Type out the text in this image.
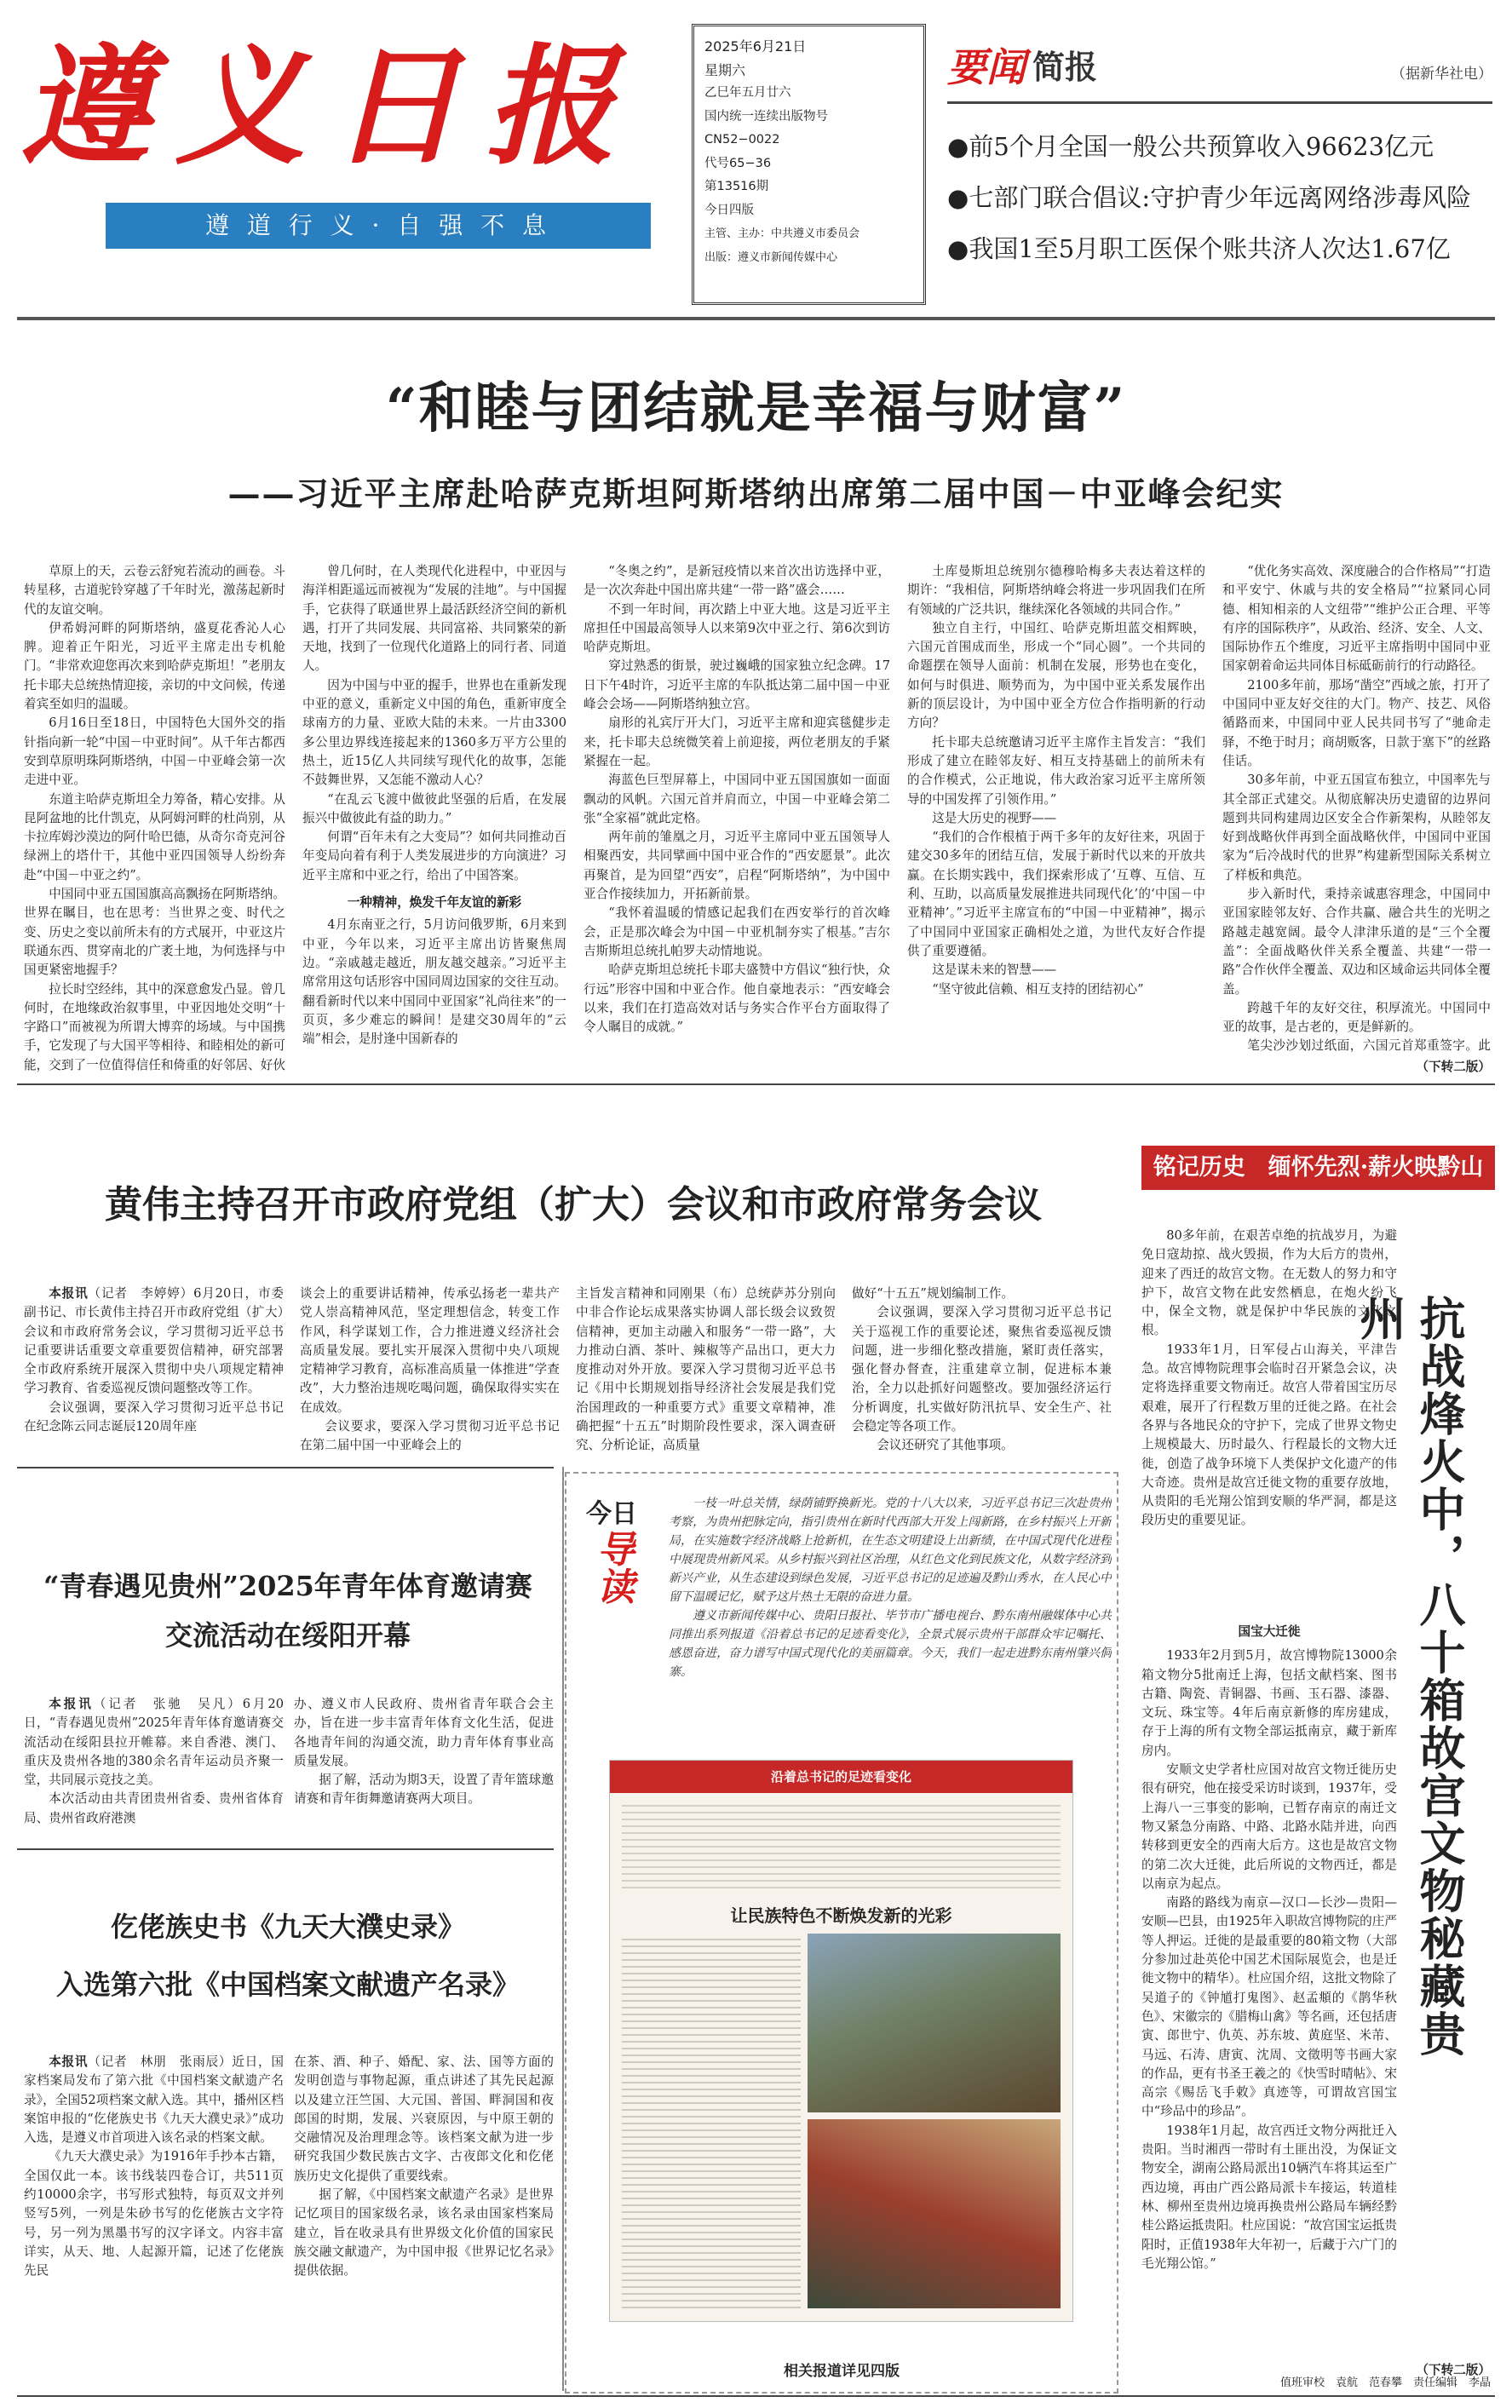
遵义日报
遵 道 行 义 · 自 强 不 息
2025年6月21日
星期六
乙巳年五月廿六
国内统一连续出版物号
CN52−0022
代号65−36
第13516期
今日四版
主管、主办：中共遵义市委员会
出版：遵义市新闻传媒中心
要闻 简报	（据新华社电）
●前5个月全国一般公共预算收入96623亿元
●七部门联合倡议:守护青少年远离网络涉毒风险
●我国1至5月职工医保个账共济人次达1.67亿
“和睦与团结就是幸福与财富”
——习近平主席赴哈萨克斯坦阿斯塔纳出席第二届中国－中亚峰会纪实

草原上的天，云卷云舒宛若流动的画卷。斗转星移，古道驼铃穿越了千年时光，激荡起新时代的友谊交响。

伊希姆河畔的阿斯塔纳，盛夏花香沁人心脾。迎着正午阳光，习近平主席走出专机舱门。“非常欢迎您再次来到哈萨克斯坦！”老朋友托卡耶夫总统热情迎接，亲切的中文问候，传递着宾至如归的温暖。

6月16日至18日，中国特色大国外交的指针指向新一轮“中国－中亚时间”。从千年古都西安到草原明珠阿斯塔纳，中国－中亚峰会第一次走进中亚。

东道主哈萨克斯坦全力筹备，精心安排。从昆阿盆地的比什凯克，从阿姆河畔的杜尚别，从卡拉库姆沙漠边的阿什哈巴德，从奇尔奇克河谷绿洲上的塔什干，其他中亚四国领导人纷纷奔赴“中国－中亚之约”。

中国同中亚五国国旗高高飘扬在阿斯塔纳。世界在瞩目，也在思考：当世界之变、时代之变、历史之变以前所未有的方式展开，中亚这片联通东西、贯穿南北的广袤土地，为何选择与中国更紧密地握手？

拉长时空经纬，其中的深意愈发凸显。曾几何时，在地缘政治叙事里，中亚因地处交明“十字路口”而被视为所谓大博弈的场域。与中国携手，它发现了与大国平等相待、和睦相处的新可能，交到了一位值得信任和倚重的好邻居、好伙

曾几何时，在人类现代化进程中，中亚因与海洋相距遥远而被视为“发展的洼地”。与中国握手，它获得了联通世界上最活跃经济空间的新机遇，打开了共同发展、共同富裕、共同繁荣的新天地，找到了一位现代化道路上的同行者、同道人。

因为中国与中亚的握手，世界也在重新发现中亚的意义，重新定义中国的角色，重新审度全球南方的力量、亚欧大陆的未来。一片由3300多公里边界线连接起来的1360多万平方公里的热土，近15亿人共同续写现代化的故事，怎能不鼓舞世界，又怎能不激动人心？

“在乱云飞渡中做彼此坚强的后盾，在发展振兴中做彼此有益的助力。”

何谓“百年未有之大变局”？如何共同推动百年变局向着有利于人类发展进步的方向演进？习近平主席和中亚之行，给出了中国答案。

一种精神，焕发千年友谊的新彩

4月东南亚之行，5月访问俄罗斯，6月来到中亚，今年以来，习近平主席出访皆聚焦周边。“亲戚越走越近，朋友越交越亲。”习近平主席常用这句话形容中国同周边国家的交往互动。翻看新时代以来中国同中亚国家“礼尚往来”的一页页，多少难忘的瞬间！是建交30周年的“云端”相会，是肘逢中国新春的

“冬奥之约”，是新冠疫情以来首次出访选择中亚，是一次次奔赴中国出席共建“一带一路”盛会……

不到一年时间，再次踏上中亚大地。这是习近平主席担任中国最高领导人以来第9次中亚之行、第6次到访哈萨克斯坦。

穿过熟悉的街景，驶过巍峨的国家独立纪念碑。17日下午4时许，习近平主席的车队抵达第二届中国－中亚峰会会场——阿斯塔纳独立宫。

扇形的礼宾厅开大门，习近平主席和迎宾毯健步走来，托卡耶夫总统微笑着上前迎接，两位老朋友的手紧紧握在一起。

海蓝色巨型屏幕上，中国同中亚五国国旗如一面面飘动的风帆。六国元首并肩而立，中国－中亚峰会第二张“全家福”就此定格。

两年前的雏凰之月，习近平主席同中亚五国领导人相聚西安，共同擘画中国中亚合作的“西安愿景”。此次再聚首，是为回望“西安”，启程“阿斯塔纳”，为中国中亚合作接续加力，开拓新前景。

“我怀着温暖的情感记起我们在西安举行的首次峰会，正是那次峰会为中国－中亚机制夯实了根基。”吉尔吉斯斯坦总统扎帕罗夫动情地说。

哈萨克斯坦总统托卡耶夫盛赞中方倡议“独行快，众行远”形容中国和中亚合作。他自豪地表示：“西安峰会以来，我们在打造高效对话与务实合作平台方面取得了令人瞩目的成就。”

土库曼斯坦总统别尔德穆哈梅多夫表达着这样的期许：“我相信，阿斯塔纳峰会将进一步巩固我们在所有领域的广泛共识，继续深化各领域的共同合作。”

独立自主行，中国红、哈萨克斯坦蓝交相辉映，六国元首围成而坐，形成一个“同心圆”。一个共同的命题摆在领导人面前：机制在发展，形势也在变化，如何与时俱进、顺势而为，为中国中亚关系发展作出新的顶层设计，为中国中亚全方位合作指明新的行动方向？

托卡耶夫总统邀请习近平主席作主旨发言：“我们形成了建立在睦邻友好、相互支持基础上的前所未有的合作模式，公正地说，伟大政治家习近平主席所领导的中国发挥了引领作用。”

这是大历史的视野——

“我们的合作根植于两千多年的友好往来，巩固于建交30多年的团结互信，发展于新时代以来的开放共赢。在长期实践中，我们探索形成了‘互尊、互信、互利、互助，以高质量发展推进共同现代化’的‘中国－中亚精神’。”习近平主席宣布的“中国－中亚精神”，揭示了中国同中亚国家正确相处之道，为世代友好合作提供了重要遵循。

这是谋未来的智慧——

“坚守彼此信赖、相互支持的团结初心”

“优化务实高效、深度融合的合作格局”“打造和平安宁、休戚与共的安全格局”“拉紧同心同德、相知相亲的人文纽带”“维护公正合理、平等有序的国际秩序”，从政治、经济、安全、人文、国际协作五个维度，习近平主席指明中国同中亚国家朝着命运共同体目标砥砺前行的行动路径。

2100多年前，那场“凿空”西域之旅，打开了中国同中亚友好交往的大门。物产、技艺、风俗循路而来，中国同中亚人民共同书写了“驰命走驿，不绝于时月；商胡贩客，日款于塞下”的丝路佳话。

30多年前，中亚五国宣布独立，中国率先与其全部正式建交。从彻底解决历史遗留的边界问题到共同构建周边区安全合作新架构，从睦邻友好到战略伙伴再到全面战略伙伴，中国同中亚国家为“后冷战时代的世界”构建新型国际关系树立了样板和典范。

步入新时代，秉持亲诚惠容理念，中国同中亚国家睦邻友好、合作共赢、融合共生的光明之路越走越宽阔。最令人津津乐道的是“三个全覆盖”：全面战略伙伴关系全覆盖、共建“一带一路”合作伙伴全覆盖、双边和区域命运共同体全覆盖。

跨越千年的友好交往，积厚流光。中国同中亚的故事，是古老的，更是鲜新的。

笔尖沙沙划过纸面，六国元首郑重签字。此

（下转二版）
黄伟主持召开市政府党组（扩大）会议和市政府常务会议

本报讯（记者　李婷婷）6月20日，市委副书记、市长黄伟主持召开市政府党组（扩大）会议和市政府常务会议，学习贯彻习近平总书记重要讲话重要文章重要贺信精神，研究部署全市政府系统开展深入贯彻中央八项规定精神学习教育、省委巡视反馈问题整改等工作。

会议强调，要深入学习贯彻习近平总书记在纪念陈云同志诞辰120周年座

谈会上的重要讲话精神，传承弘扬老一辈共产党人崇高精神风范，坚定理想信念，转变工作作风，科学谋划工作，合力推进遵义经济社会高质量发展。要扎实开展深入贯彻中央八项规定精神学习教育，高标准高质量一体推进“学查改”，大力整治违规吃喝问题，确保取得实实在在成效。

会议要求，要深入学习贯彻习近平总书记在第二届中国一中亚峰会上的

主旨发言精神和同刚果（布）总统萨苏分别向中非合作论坛成果落实协调人部长级会议致贺信精神，更加主动融入和服务“一带一路”，大力推动白酒、茶叶、辣椒等产品出口，更大力度推动对外开放。要深入学习贯彻习近平总书记《用中长期规划指导经济社会发展是我们党治国理政的一种重要方式》重要文章精神，准确把握“十五五”时期阶段性要求，深入调查研究、分析论证，高质量

做好“十五五”规划编制工作。

会议强调，要深入学习贯彻习近平总书记关于巡视工作的重要论述，聚焦省委巡视反馈问题，进一步细化整改措施，紧盯责任落实，强化督办督查，注重建章立制，促进标本兼治，全力以赴抓好问题整改。要加强经济运行分析调度，扎实做好防汛抗旱、安全生产、社会稳定等各项工作。

会议还研究了其他事项。

“青春遇见贵州”2025年青年体育邀请赛
交流活动在绥阳开幕

本报讯（记者　张驰　吴凡）6月20日，“青春遇见贵州”2025年青年体育邀请赛交流活动在绥阳县拉开帷幕。来自香港、澳门、重庆及贵州各地的380余名青年运动员齐聚一堂，共同展示竞技之美。

本次活动由共青团贵州省委、贵州省体育局、贵州省政府港澳

办、遵义市人民政府、贵州省青年联合会主办，旨在进一步丰富青年体育文化生活，促进各地青年间的沟通交流，助力青年体育事业高质量发展。

据了解，活动为期3天，设置了青年篮球邀请赛和青年街舞邀请赛两大项目。

仡佬族史书《九天大濮史录》
入选第六批《中国档案文献遗产名录》

本报讯（记者　林朋　张雨辰）近日，国家档案局发布了第六批《中国档案文献遗产名录》，全国52项档案文献入选。其中，播州区档案馆申报的“仡佬族史书《九天大濮史录》”成功入选，是遵义市首项进入该名录的档案文献。

《九天大濮史录》为1916年手抄本古籍，全国仅此一本。该书线装四卷合订，共511页约10000余字，书写形式独特，每页双文并列竖写5列，一列是朱砂书写的仡佬族古文字符号，另一列为黑墨书写的汉字译文。内容丰富详实，从天、地、人起源开篇，记述了仡佬族先民

在茶、酒、种子、婚配、家、法、国等方面的发明创造与事物起源，重点讲述了其先民起源以及建立汪竺国、大元国、普国、畔洞国和夜郎国的时期，发展、兴衰原因，与中原王朝的交融情况及治理理念等。该档案文献为进一步研究我国少数民族古文字、古夜郎文化和仡佬族历史文化提供了重要线索。

据了解，《中国档案文献遗产名录》是世界记忆项目的国家级名录，该名录由国家档案局建立，旨在收录具有世界级文化价值的国家民族交融文献遗产，为中国申报《世界记忆名录》提供依据。

今日
导读

一枝一叶总关情，绿荫铺野换新光。党的十八大以来，习近平总书记三次赴贵州考察，为贵州把脉定向，指引贵州在新时代西部大开发上闯新路，在乡村振兴上开新局，在实施数字经济战略上抢新机，在生态文明建设上出新绩，在中国式现代化进程中展现贵州新风采。从乡村振兴到社区治理，从红色文化到民族文化，从数字经济到新兴产业，从生态建设到绿色发展，习近平总书记的足迹遍及黔山秀水，在人民心中留下温暖记忆，赋予这片热土无限的奋进力量。

遵义市新闻传媒中心、贵阳日报社、毕节市广播电视台、黔东南州融媒体中心共同推出系列报道《沿着总书记的足迹看变化》，全景式展示贵州干部群众牢记嘱托、感恩奋进，奋力谱写中国式现代化的美丽篇章。今天，我们一起走进黔东南州肇兴侗寨。

沿着总书记的足迹看变化
让民族特色不断焕发新的光彩
相关报道详见四版
铭记历史　缅怀先烈·薪火映黔山
抗战烽火中，八十箱故宫文物秘藏贵州

80多年前，在艰苦卓绝的抗战岁月，为避免日寇劫掠、战火毁损，作为大后方的贵州，迎来了西迁的故宫文物。在无数人的努力和守护下，故宫文物在此安然栖息，在炮火纷飞中，保全文物，就是保护中华民族的文化之根。

1933年1月，日军侵占山海关，平津告急。故宫博物院理事会临时召开紧急会议，决定将选择重要文物南迁。故宫人带着国宝历尽艰难，展开了行程数万里的迁徙之路。在社会各界与各地民众的守护下，完成了世界文物史上规模最大、历时最久、行程最长的文物大迁徙，创造了战争环境下人类保护文化遗产的伟大奇迹。贵州是故宫迁徙文物的重要存放地，从贵阳的毛光翔公馆到安顺的华严洞，都是这段历史的重要见证。

国宝大迁徙

1933年2月到5月，故宫博物院13000余箱文物分5批南迁上海，包括文献档案、图书古籍、陶瓷、青铜器、书画、玉石器、漆器、文玩、珠宝等。4年后南京新修的库房建成，存于上海的所有文物全部运抵南京，藏于新库房内。

安顺文史学者杜应国对故宫文物迁徙历史很有研究，他在接受采访时谈到，1937年，受上海八一三事变的影响，已暂存南京的南迁文物又紧急分南路、中路、北路水陆并进，向西转移到更安全的西南大后方。这也是故宫文物的第二次大迁徙，此后所说的文物西迁，都是以南京为起点。

南路的路线为南京—汉口—长沙—贵阳—安顺—巴县，由1925年入职故宫博物院的庄严等人押运。迁徙的是最重要的80箱文物（大部分参加过赴英伦中国艺术国际展览会，也是迁徙文物中的精华）。杜应国介绍，这批文物除了吴道子的《钟馗打鬼图》、赵孟頫的《鹊华秋色》、宋徽宗的《腊梅山禽》等名画，还包括唐寅、郎世宁、仇英、苏东坡、黄庭坚、米芾、马远、石涛、唐寅、沈周、文徵明等书画大家的作品，更有书圣王羲之的《快雪时晴帖》、宋高宗《赐岳飞手敕》真迹等，可谓故宫国宝中“珍品中的珍品”。

1938年1月起，故宫西迁文物分两批迁入贵阳。当时湘西一带时有土匪出没，为保证文物安全，湖南公路局派出10辆汽车将其运至广西边境，再由广西公路局派卡车接运，转道桂林、柳州至贵州边境再换贵州公路局车辆经黔桂公路运抵贵阳。杜应国说：“故宫国宝运抵贵阳时，正值1938年大年初一，后藏于六广门的毛光翔公馆。”

（下转二版）
值班审校　袁航　范春攀　责任编辑　李晶
